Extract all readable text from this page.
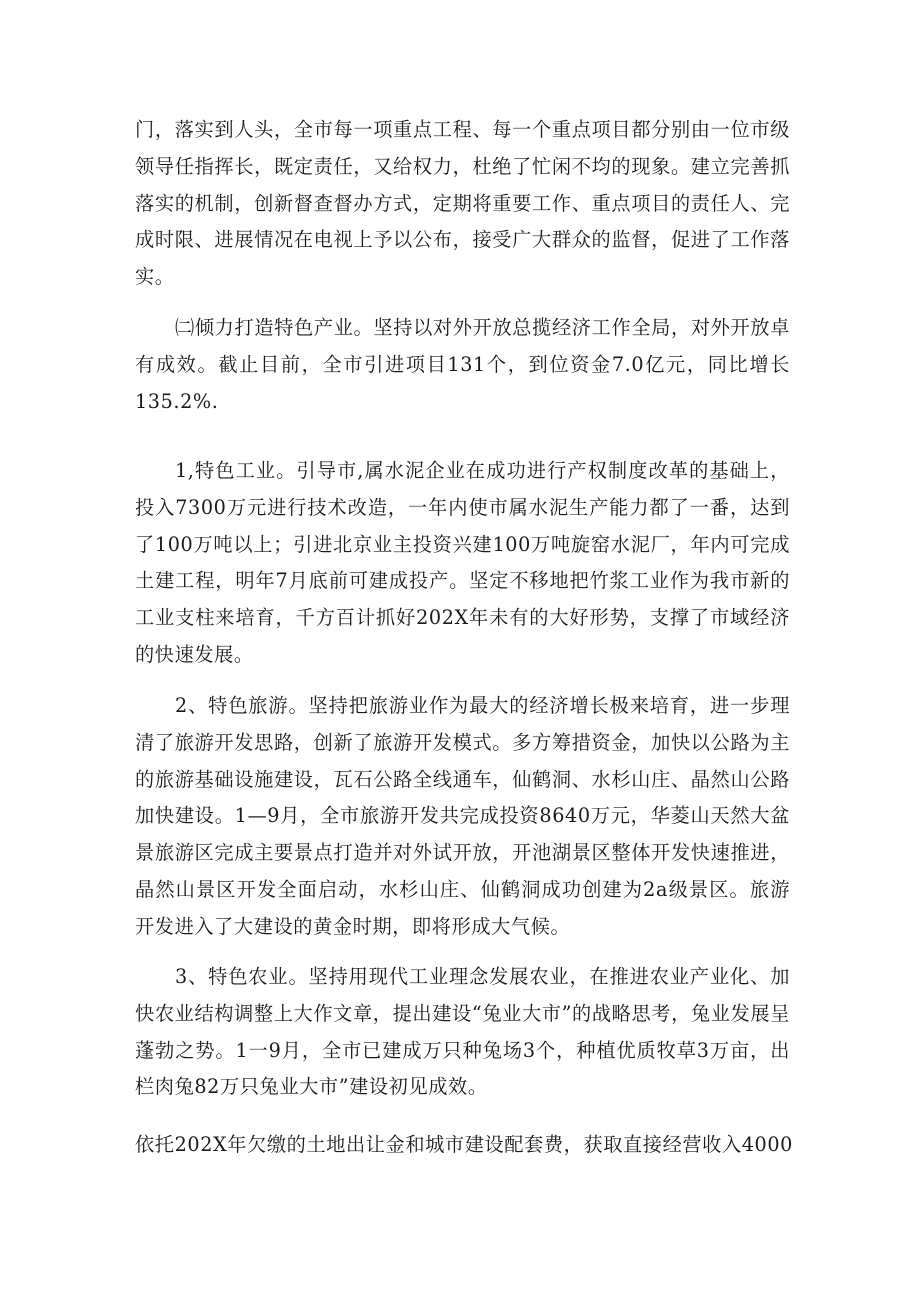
门，落实到人头，全市每一项重点工程、每一个重点项目都分别由一位市级领导任指挥长，既定责任，又给权力，杜绝了忙闲不均的现象。建立完善抓落实的机制，创新督查督办方式，定期将重要工作、重点项目的责任人、完成时限、进展情况在电视上予以公布，接受广大群众的监督，促进了工作落实。

㈡倾力打造特色产业。坚持以对外开放总揽经济工作全局，对外开放卓有成效。截止目前，全市引进项目131个，到位资金7.0亿元，同比增长135.2%.

1,特色工业。引导市,属水泥企业在成功进行产权制度改革的基础上，投入7300万元进行技术改造，一年内使市属水泥生产能力都了一番，达到了100万吨以上；引进北京业主投资兴建100万吨旋窑水泥厂，年内可完成土建工程，明年7月底前可建成投产。坚定不移地把竹浆工业作为我市新的工业支柱来培育，千方百计抓好202X年未有的大好形势，支撑了市域经济的快速发展。

2、特色旅游。坚持把旅游业作为最大的经济增长极来培育，进一步理清了旅游开发思路，创新了旅游开发模式。多方筹措资金，加快以公路为主的旅游基础设施建设，瓦石公路全线通车，仙鹤洞、水杉山庄、晶然山公路加快建设。1—9月，全市旅游开发共完成投资8640万元，华菱山天然大盆景旅游区完成主要景点打造并对外试开放，开池湖景区整体开发快速推进，晶然山景区开发全面启动，水杉山庄、仙鹤洞成功创建为2a级景区。旅游开发进入了大建设的黄金时期，即将形成大气候。

3、特色农业。坚持用现代工业理念发展农业，在推进农业产业化、加快农业结构调整上大作文章，提出建设“兔业大市”的战略思考，兔业发展呈蓬勃之势。1一9月，全市已建成万只种兔场3个，种植优质牧草3万亩，出栏肉兔82万只兔业大市”建设初见成效。

依托202X年欠缴的土地出让金和城市建设配套费，获取直接经营收入4000
